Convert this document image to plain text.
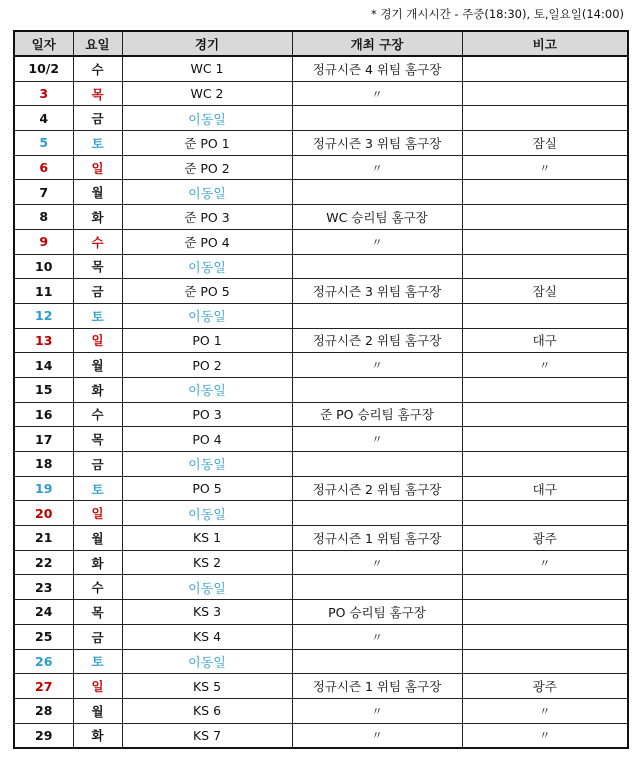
* 경기 개시시간 - 주중(18:30), 토,일요일(14:00)
일자	요일	경기	개최 구장	비고
10/2	수	WC 1	정규시즌 4 위팀 홈구장	
3	목	WC 2	〃	
4	금	이동일		
5	토	준 PO 1	정규시즌 3 위팀 홈구장	잠실
6	일	준 PO 2	〃	〃
7	월	이동일		
8	화	준 PO 3	WC 승리팀 홈구장	
9	수	준 PO 4	〃	
10	목	이동일		
11	금	준 PO 5	정규시즌 3 위팀 홈구장	잠실
12	토	이동일		
13	일	PO 1	정규시즌 2 위팀 홈구장	대구
14	월	PO 2	〃	〃
15	화	이동일		
16	수	PO 3	준 PO 승리팀 홈구장	
17	목	PO 4	〃	
18	금	이동일		
19	토	PO 5	정규시즌 2 위팀 홈구장	대구
20	일	이동일		
21	월	KS 1	정규시즌 1 위팀 홈구장	광주
22	화	KS 2	〃	〃
23	수	이동일		
24	목	KS 3	PO 승리팀 홈구장	
25	금	KS 4	〃	
26	토	이동일		
27	일	KS 5	정규시즌 1 위팀 홈구장	광주
28	월	KS 6	〃	〃
29	화	KS 7	〃	〃
